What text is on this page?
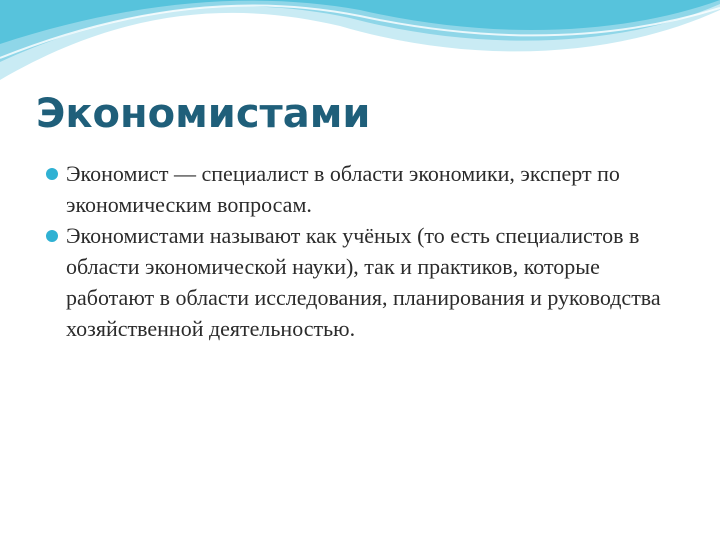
Экономистами
Экономист — специалист в области экономики, эксперт по экономическим вопросам.
Экономистами называют как учёных (то есть специалистов в области экономической науки), так и практиков, которые работают в области исследования, планирования и руководства хозяйственной деятельностью.
